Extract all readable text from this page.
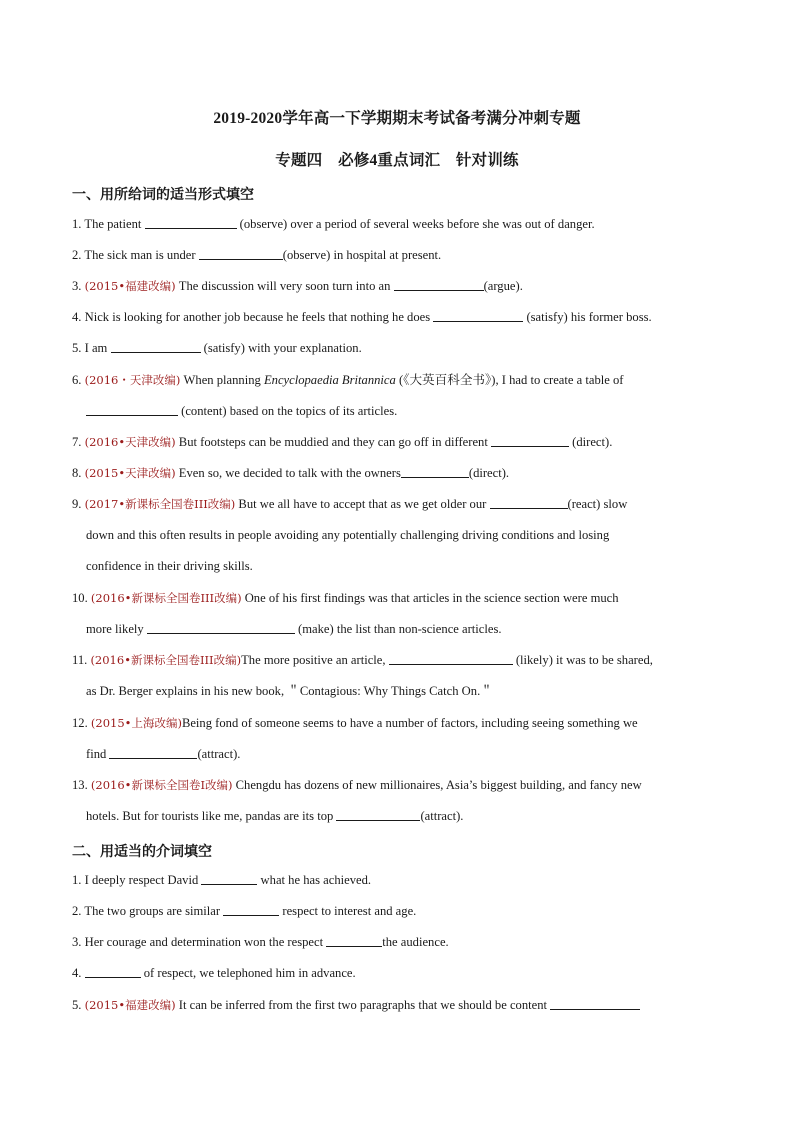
2019-2020学年高一下学期期末考试备考满分冲刺专题
专题四　必修4重点词汇　针对训练
一、用所给词的适当形式填空
1. The patient	(observe) over a period of several weeks before she was out of danger.
2. The sick man is under	(observe) in hospital at present.
3. (2015•福建改编) The discussion will very soon turn into an	(argue).
4. Nick is looking for another job because he feels that nothing he does	(satisfy) his former boss.
5. I am	(satisfy) with your explanation.
6. (2016・天津改编) When planning Encyclopaedia Britannica (《大英百科全书》), I had to create a table of
(content) based on the topics of its articles.
7. (2016•天津改编) But footsteps can be muddied and they can go off in different	(direct).
8. (2015•天津改编) Even so, we decided to talk with the owners	(direct).
9. (2017•新课标全国卷III改编) But we all have to accept that as we get older our	(react) slow
down and this often results in people avoiding any potentially challenging driving conditions and losing
confidence in their driving skills.
10. (2016•新课标全国卷III改编) One of his first findings was that articles in the science section were much
more likely	(make) the list than non-science articles.
11. (2016•新课标全国卷III改编)The more positive an article,	(likely) it was to be shared,
as Dr. Berger explains in his new book, ＂Contagious: Why Things Catch On.＂
12. (2015•上海改编)Being fond of someone seems to have a number of factors, including seeing something we
find	(attract).
13. (2016•新课标全国卷I改编) Chengdu has dozens of new millionaires, Asia’s biggest building, and fancy new
hotels. But for tourists like me, pandas are its top	(attract).
二、用适当的介词填空
1. I deeply respect David	what he has achieved.
2. The two groups are similar	respect to interest and age.
3. Her courage and determination won the respect	the audience.
4.	of respect, we telephoned him in advance.
5. (2015•福建改编) It can be inferred from the first two paragraphs that we should be content
